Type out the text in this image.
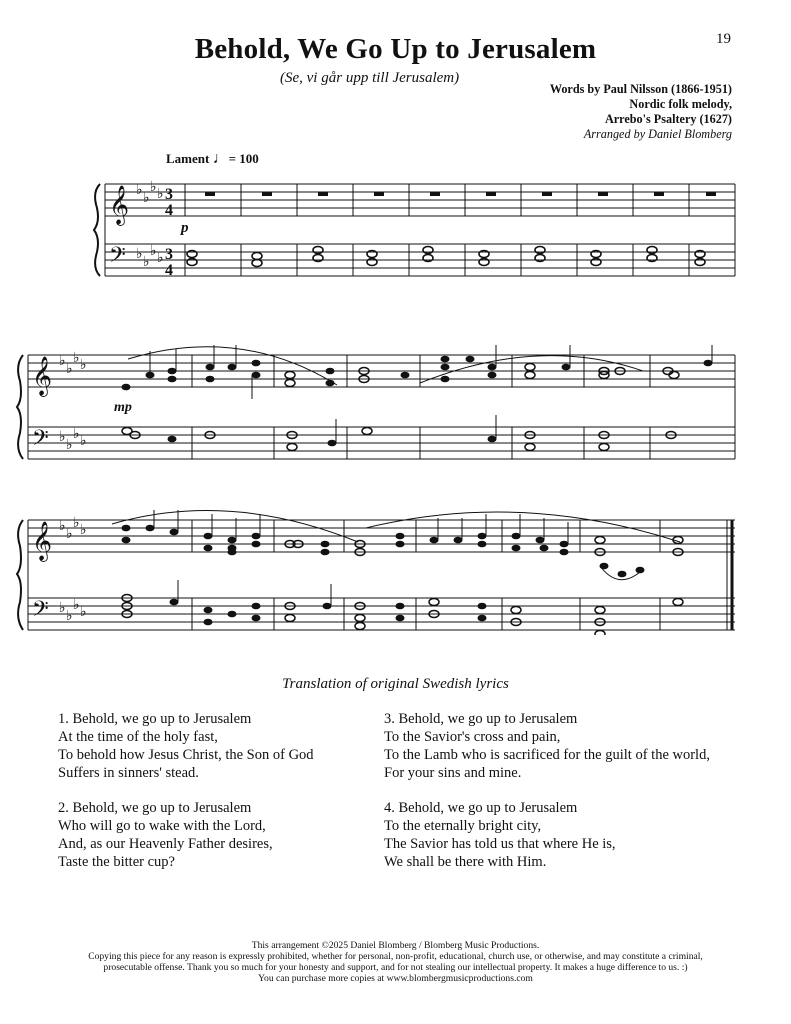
19
Behold, We Go Up to Jerusalem
(Se, vi går upp till Jerusalem)
Words by Paul Nilsson (1866-1951)
Nordic folk melody,
Arrebo's Psaltery (1627)
Arranged by Daniel Blomberg
Lament ♩= 100
𝄞
𝄢
♭ ♭
♭ ♭
♭ ♭
♭ ♭
3
4
3
4
p
𝄞
𝄢
♭ ♭
♭ ♭
♭ ♭
♭ ♭
mp
𝄞
𝄢
♭ ♭
♭ ♭
♭ ♭
♭ ♭
Translation of original Swedish lyrics
1. Behold, we go up to Jerusalem
At the time of the holy fast,
To behold how Jesus Christ, the Son of God
Suffers in sinners' stead.
2. Behold, we go up to Jerusalem
Who will go to wake with the Lord,
And, as our Heavenly Father desires,
Taste the bitter cup?
3. Behold, we go up to Jerusalem
To the Savior's cross and pain,
To the Lamb who is sacrificed for the guilt of the world,
For your sins and mine.
4. Behold, we go up to Jerusalem
To the eternally bright city,
The Savior has told us that where He is,
We shall be there with Him.
This arrangement ©2025 Daniel Blomberg / Blomberg Music Productions.
Copying this piece for any reason is expressly prohibited, whether for personal, non-profit, educational, church use, or otherwise, and may constitute a criminal,
prosecutable offense. Thank you so much for your honesty and support, and for not stealing our intellectual property. It makes a huge difference to us. :)
You can purchase more copies at www.blombergmusicproductions.com
